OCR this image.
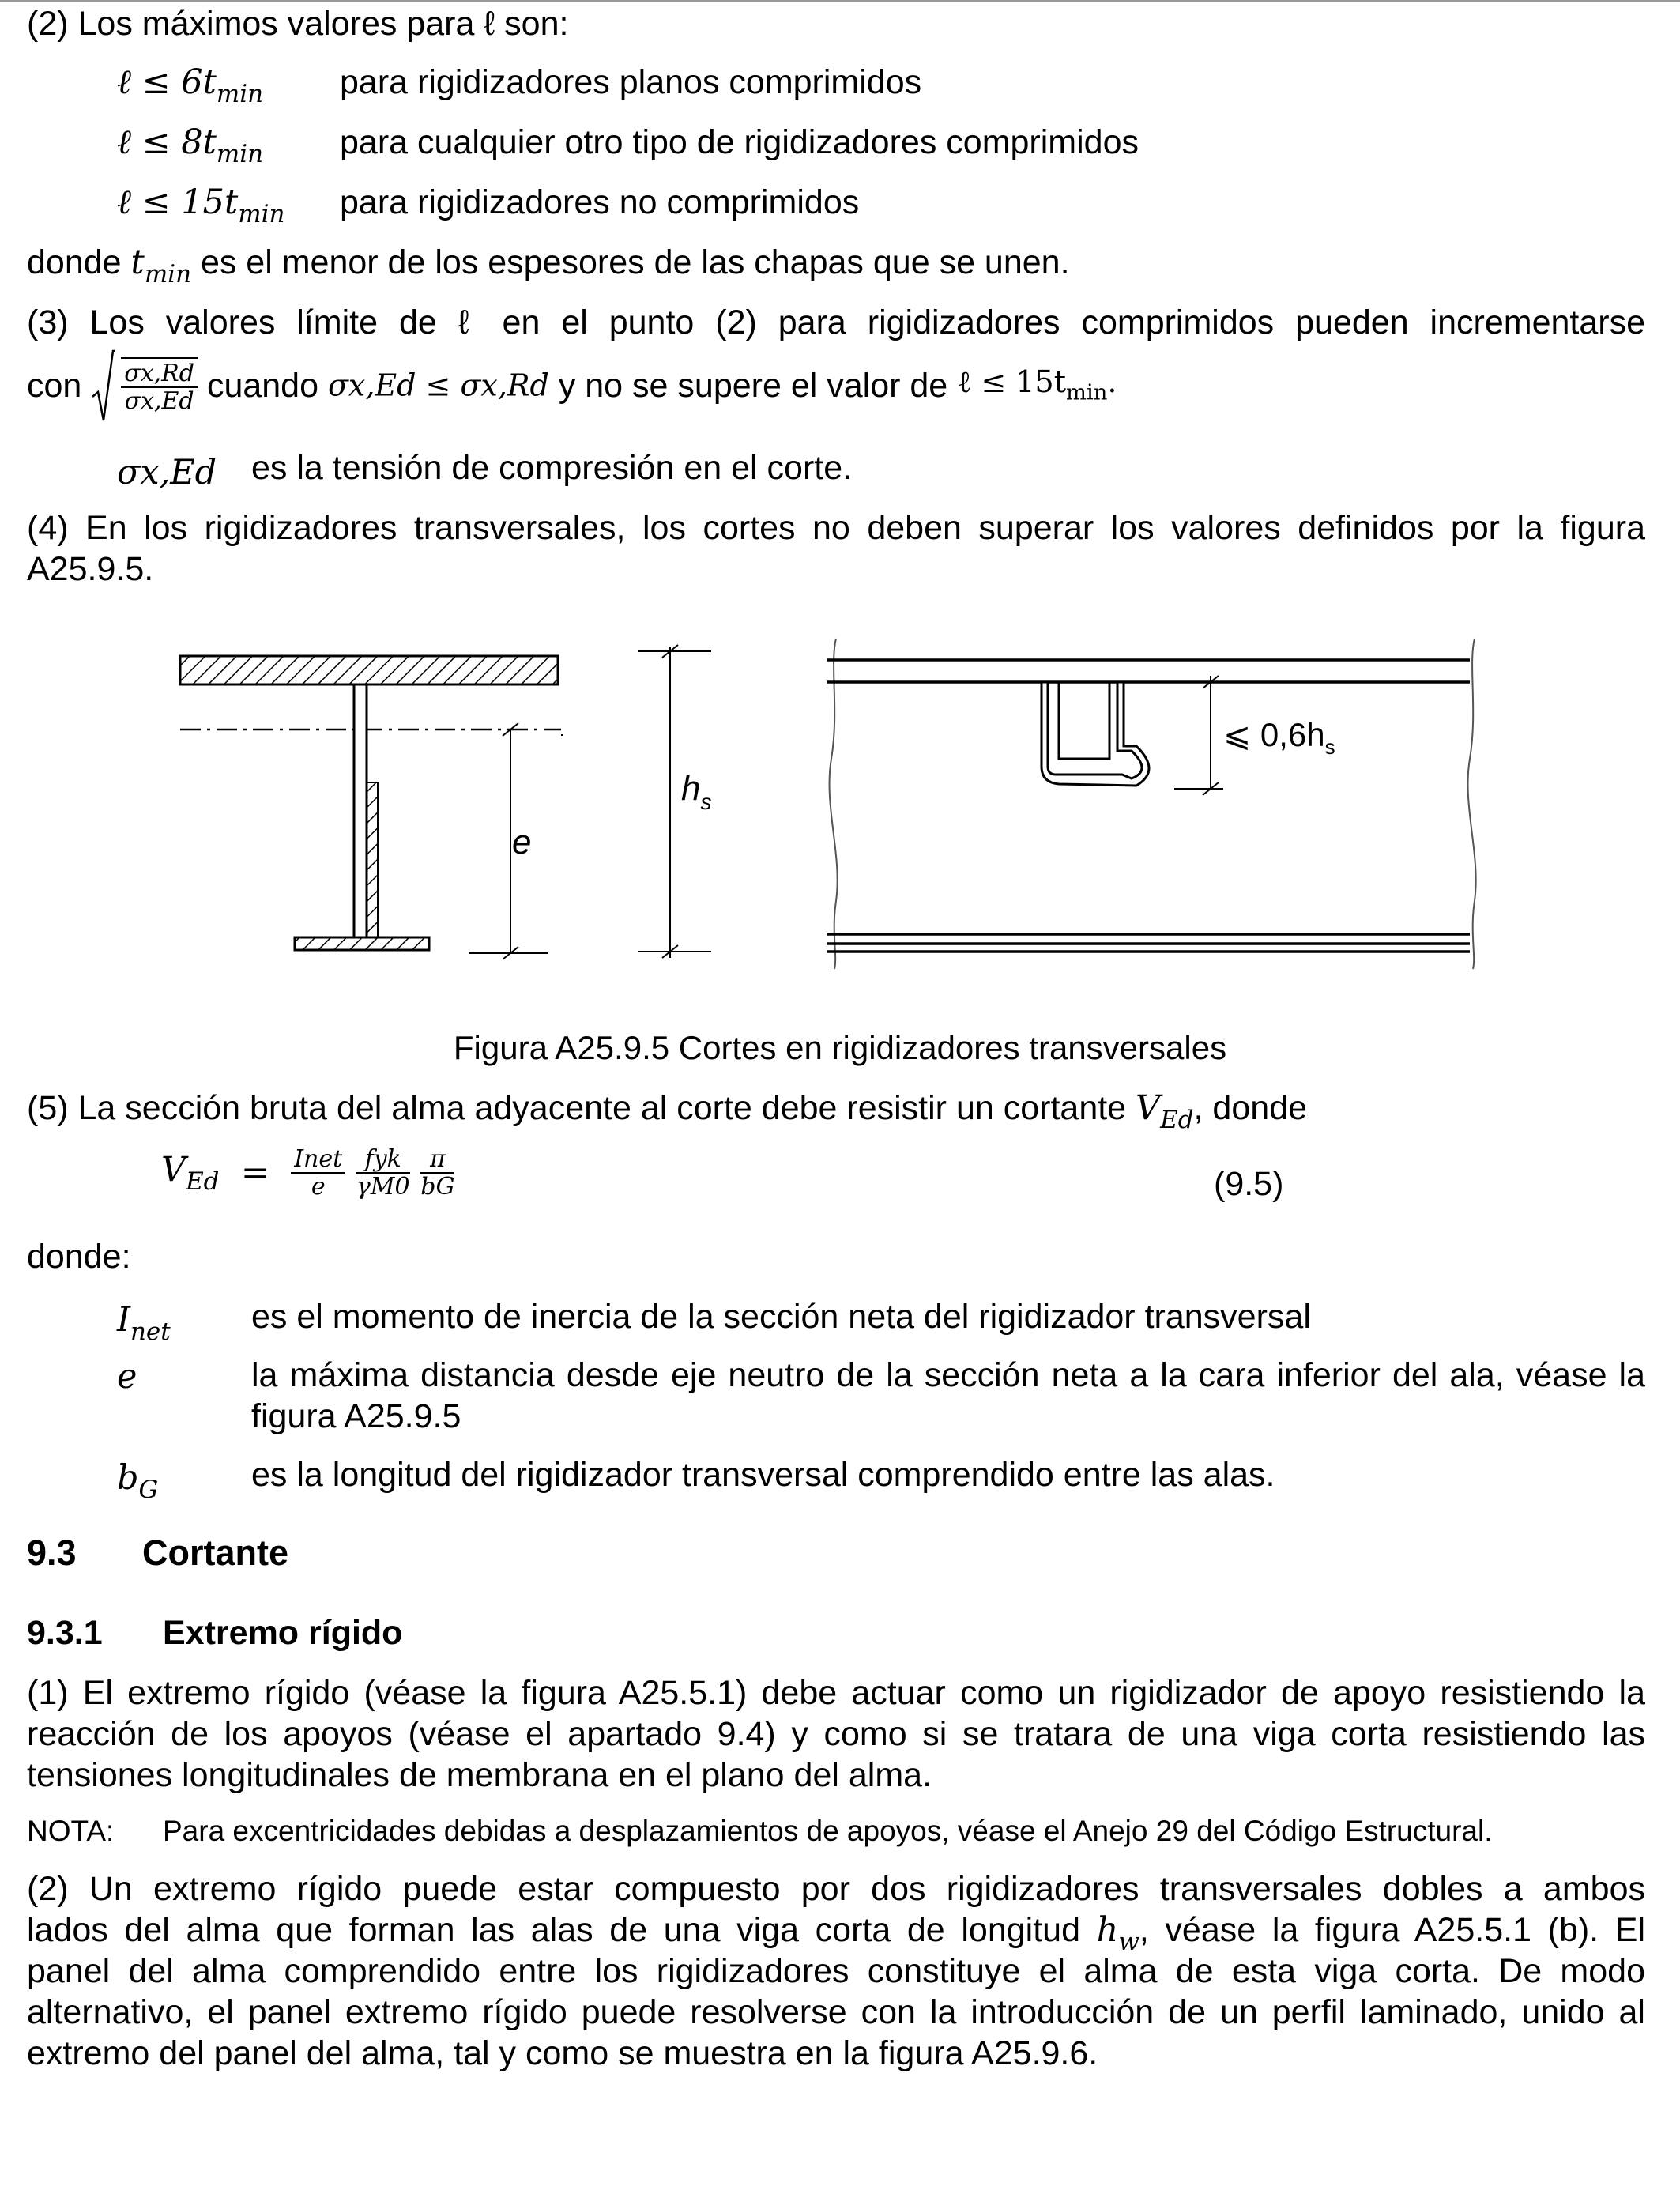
(2) Los máximos valores para ℓ son:
ℓ ≤ $6t_{min}$ para rigidizadores planos comprimidos
ℓ ≤ $8t_{min}$ para cualquier otro tipo de rigidizadores comprimidos
ℓ ≤ $15t_{min}$ para rigidizadores no comprimidos
donde $t_{min}$ es el menor de los espesores de las chapas que se unen.
(3) Los valores límite de ℓ en el punto (2) para rigidizadores comprimidos pueden incrementarse
con $\frac{\sigma x,Rd}{\sigma x,Ed}$ cuando σx,Ed ≤ σx,Rd y no se supere el valor de ℓ ≤ $15t_{min}$.
σx,Ed es la tensión de compresión en el corte.
(4) En los rigidizadores transversales, los cortes no deben superar los valores definidos por la figura
A25.9.5.
e
$h_s$
⩽ $0,6h_s$
Figura A25.9.5 Cortes en rigidizadores transversales
(5) La sección bruta del alma adyacente al corte debe resistir un cortante $V_{Ed}$, donde
$V_{Ed} = \frac{\text{Inet}}{e}$
$\frac{\text{fyk}}{\gamma M0}$
$\frac{\pi}{bG}$	(9.5)
donde:
$I_{net}$ es el momento de inercia de la sección neta del rigidizador transversal
e	la máxima distancia desde eje neutro de la sección neta a la cara inferior del ala, véase la
figura A25.9.5
$b_G$	es la longitud del rigidizador transversal comprendido entre las alas.
9.3 Cortante
9.3.1 Extremo rígido
(1) El extremo rígido (véase la figura A25.5.1) debe actuar como un rigidizador de apoyo resistiendo la
reacción de los apoyos (véase el apartado 9.4) y como si se tratara de una viga corta resistiendo las
tensiones longitudinales de membrana en el plano del alma.
NOTA: Para excentricidades debidas a desplazamientos de apoyos, véase el Anejo 29 del Código Estructural.
(2) Un extremo rígido puede estar compuesto por dos rigidizadores transversales dobles a ambos
lados del alma que forman las alas de una viga corta de longitud $h_w$, véase la figura A25.5.1 (b). El
panel del alma comprendido entre los rigidizadores constituye el alma de esta viga corta. De modo
alternativo, el panel extremo rígido puede resolverse con la introducción de un perfil laminado, unido al
extremo del panel del alma, tal y como se muestra en la figura A25.9.6.
